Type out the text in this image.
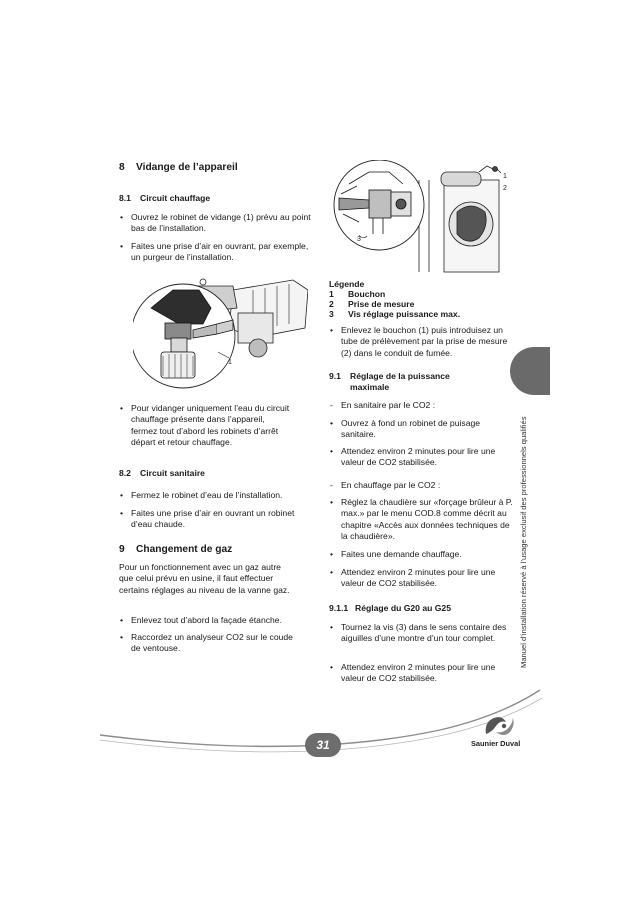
8 Vidange de l’appareil
8.1 Circuit chauffage
• Ouvrez le robinet de vidange (1) prévu au point bas de l’installation.
• Faites une prise d’air en ouvrant, par exemple, un purgeur de l’installation.
1
• Pour vidanger uniquement l’eau du circuit chauffage présente dans l’appareil, fermez tout d’abord les robinets d’arrêt départ et retour chauffage.
8.2 Circuit sanitaire
• Fermez le robinet d’eau de l’installation.
• Faites une prise d’air en ouvrant un robinet d’eau chaude.
9 Changement de gaz
Pour un fonctionnement avec un gaz autre que celui prévu en usine, il faut effectuer certains réglages au niveau de la vanne gaz.
• Enlevez tout d’abord la façade étanche.
• Raccordez un analyseur CO2 sur le coude de ventouse.
3
1
2
Légende
1 Bouchon
2 Prise de mesure
3 Vis réglage puissance max.
• Enlevez le bouchon (1) puis introduisez un tube de prélèvement par la prise de mesure (2) dans le conduit de fumée.
9.1 Réglage de la puissance maximale
- En sanitaire par le CO2 :
• Ouvrez à fond un robinet de puisage sanitaire.
• Attendez environ 2 minutes pour lire une valeur de CO2 stabilisée.
- En chauffage par le CO2 :
• Réglez la chaudière sur «forçage brûleur à P. max.» par le menu COD.8 comme décrit au chapitre «Accès aux données techniques de la chaudière».
• Faites une demande chauffage.
• Attendez environ 2 minutes pour lire une valeur de CO2 stabilisée.
9.1.1 Réglage du G20 au G25
• Tournez la vis (3) dans le sens contaire des aiguilles d’une montre d’un tour complet.
• Attendez environ 2 minutes pour lire une valeur de CO2 stabilisée.
Manuel d’installation réservé à l’usage exclusif des professionnels qualifiés
31	Saunier Duval
